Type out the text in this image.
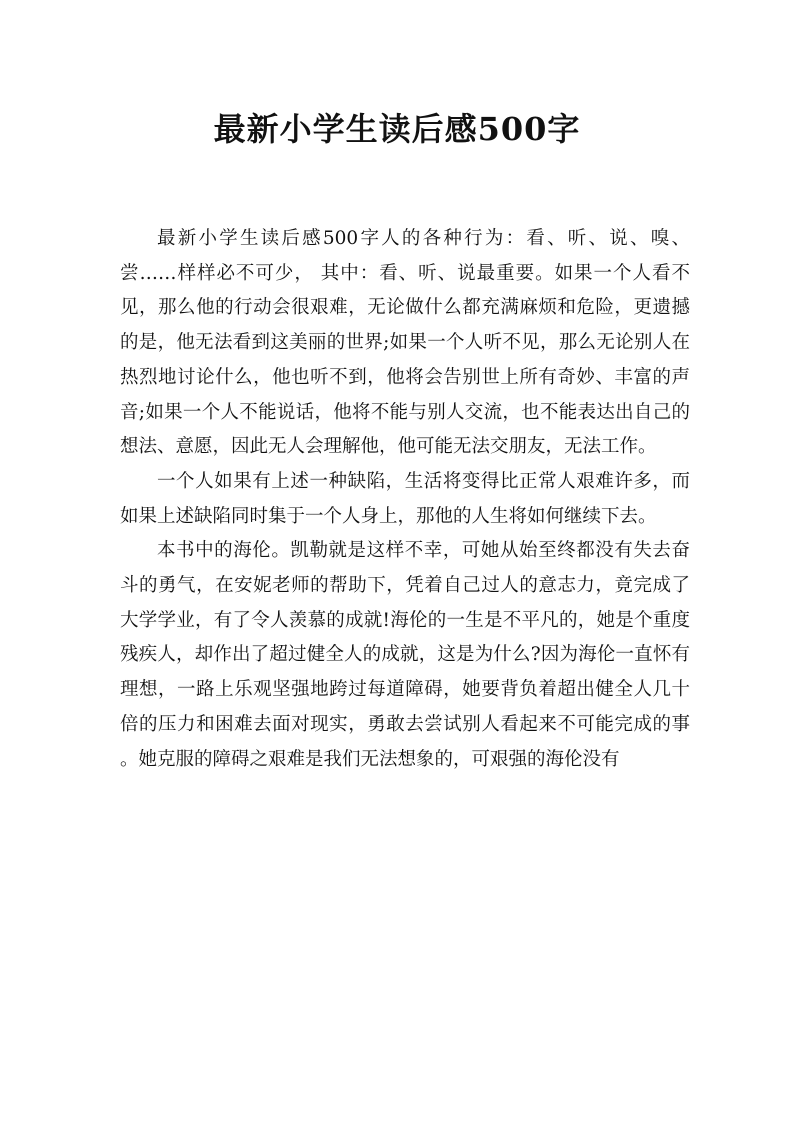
最新小学生读后感500字

最新小学生读后感500字人的各种行为：看、听、说、嗅、尝……样样必不可少， 其中：看、听、说最重要。如果一个人看不见，那么他的行动会很艰难，无论做什么都充满麻烦和危险，更遗撼的是，他无法看到这美丽的世界;如果一个人听不见，那么无论别人在热烈地讨论什么，他也听不到，他将会告别世上所有奇妙、丰富的声音;如果一个人不能说话，他将不能与别人交流，也不能表达出自己的想法、意愿，因此无人会理解他，他可能无法交朋友，无法工作。

一个人如果有上述一种缺陷，生活将变得比正常人艰难许多，而如果上述缺陷同时集于一个人身上，那他的人生将如何继续下去。

本书中的海伦。凯勒就是这样不幸，可她从始至终都没有失去奋斗的勇气，在安妮老师的帮助下，凭着自己过人的意志力，竟完成了大学学业，有了令人羡慕的成就!海伦的一生是不平凡的，她是个重度残疾人，却作出了超过健全人的成就，这是为什么?因为海伦一直怀有理想，一路上乐观坚强地跨过每道障碍，她要背负着超出健全人几十倍的压力和困难去面对现实，勇敢去尝试别人看起来不可能完成的事 。她克服的障碍之艰难是我们无法想象的，可艰强的海伦没有
